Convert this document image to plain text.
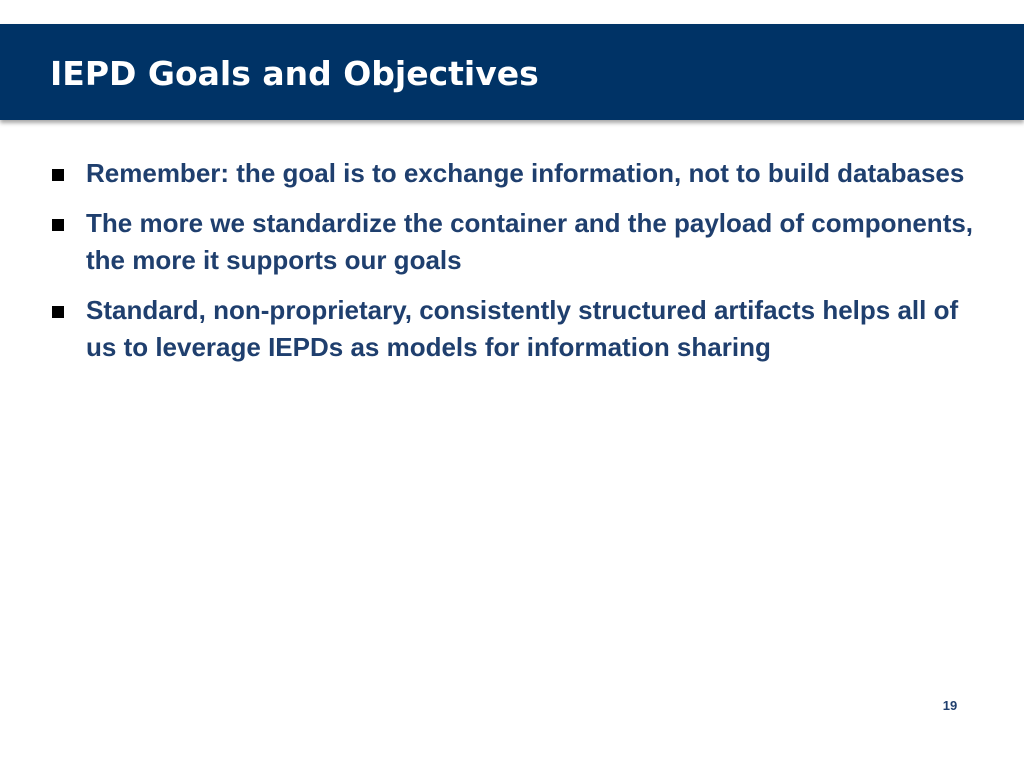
IEPD Goals and Objectives
Remember: the goal is to exchange information, not to build databases
The more we standardize the container and the payload of components, the more it supports our goals
Standard, non-proprietary, consistently structured artifacts helps all of us to leverage IEPDs as models for information sharing
19
